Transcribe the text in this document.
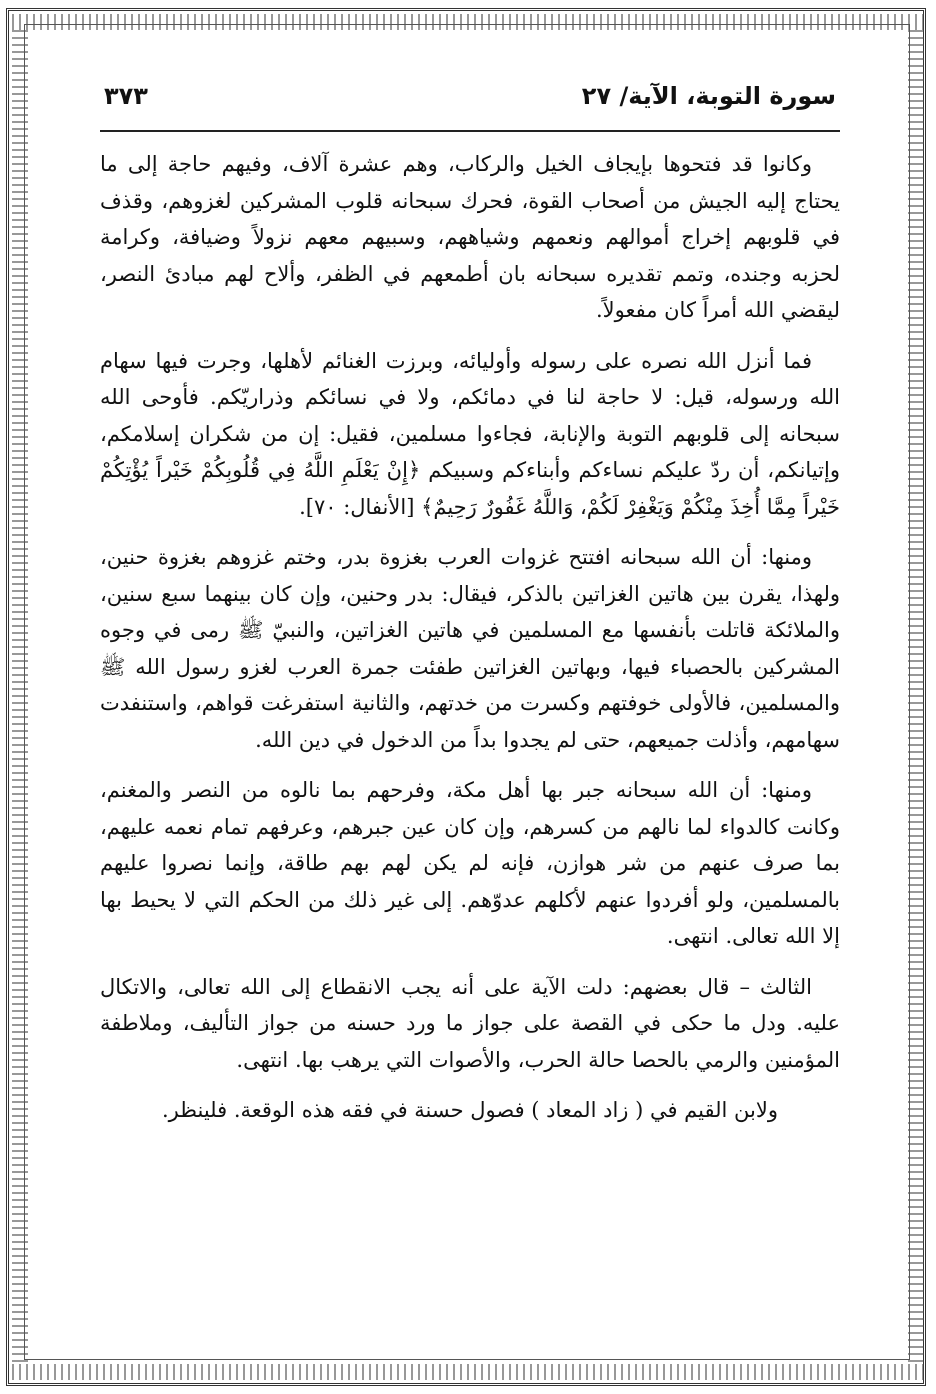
سورة التوبة، الآية/ ٢٧
٣٧٣

وكانوا قد فتحوها بإيجاف الخيل والركاب، وهم عشرة آلاف، وفيهم حاجة إلى ما يحتاج إليه الجيش من أصحاب القوة، فحرك سبحانه قلوب المشركين لغزوهم، وقذف في قلوبهم إخراج أموالهم ونعمهم وشياههم، وسبيهم معهم نزولاً وضيافة، وكرامة لحزبه وجنده، وتمم تقديره سبحانه بان أطمعهم في الظفر، وألاح لهم مبادئ النصر، ليقضي الله أمراً كان مفعولاً.

فما أنزل الله نصره على رسوله وأوليائه، وبرزت الغنائم لأهلها، وجرت فيها سهام الله ورسوله، قيل: لا حاجة لنا في دمائكم، ولا في نسائكم وذراريّكم. فأوحى الله سبحانه إلى قلوبهم التوبة والإنابة، فجاءوا مسلمين، فقيل: إن من شكران إسلامكم، وإتيانكم، أن ردّ عليكم نساءكم وأبناءكم وسبيكم ﴿إِنْ يَعْلَمِ اللَّهُ فِي قُلُوبِكُمْ خَيْراً يُؤْتِكُمْ خَيْراً مِمَّا أُخِذَ مِنْكُمْ وَيَغْفِرْ لَكُمْ، وَاللَّهُ غَفُورٌ رَحِيمٌ﴾ [الأنفال: ٧٠].

ومنها: أن الله سبحانه افتتح غزوات العرب بغزوة بدر، وختم غزوهم بغزوة حنين، ولهذا، يقرن بين هاتين الغزاتين بالذكر، فيقال: بدر وحنين، وإن كان بينهما سبع سنين، والملائكة قاتلت بأنفسها مع المسلمين في هاتين الغزاتين، والنبيّ ﷺ رمى في وجوه المشركين بالحصباء فيها، وبهاتين الغزاتين طفئت جمرة العرب لغزو رسول الله ﷺ والمسلمين، فالأولى خوفتهم وكسرت من خدتهم، والثانية استفرغت قواهم، واستنفدت سهامهم، وأذلت جميعهم، حتى لم يجدوا بداً من الدخول في دين الله.

ومنها: أن الله سبحانه جبر بها أهل مكة، وفرحهم بما نالوه من النصر والمغنم، وكانت كالدواء لما نالهم من كسرهم، وإن كان عين جبرهم، وعرفهم تمام نعمه عليهم، بما صرف عنهم من شر هوازن، فإنه لم يكن لهم بهم طاقة، وإنما نصروا عليهم بالمسلمين، ولو أفردوا عنهم لأكلهم عدوّهم. إلى غير ذلك من الحكم التي لا يحيط بها إلا الله تعالى. انتهى.

الثالث – قال بعضهم: دلت الآية على أنه يجب الانقطاع إلى الله تعالى، والاتكال عليه. ودل ما حكى في القصة على جواز ما ورد حسنه من جواز التأليف، وملاطفة المؤمنين والرمي بالحصا حالة الحرب، والأصوات التي يرهب بها. انتهى.

ولابن القيم في ( زاد المعاد ) فصول حسنة في فقه هذه الوقعة. فلينظر.
